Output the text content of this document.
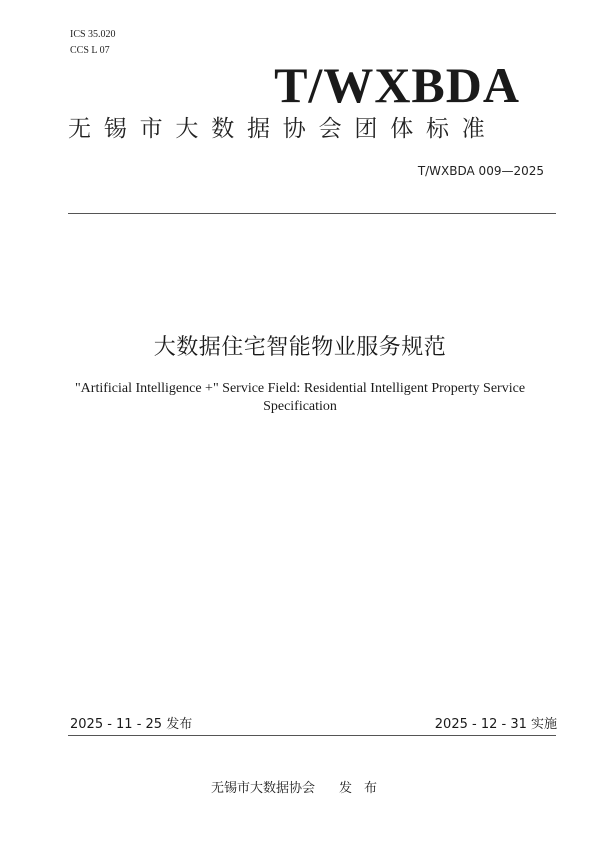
ICS 35.020
CCS L 07
T/WXBDA
无锡市大数据协会团体标准
T/WXBDA 009—2025
大数据住宅智能物业服务规范
"Artificial Intelligence +" Service Field: Residential Intelligent Property Service Specification
2025 - 11 - 25 发布	2025 - 12 - 31 实施
无锡市大数据协会 发布
